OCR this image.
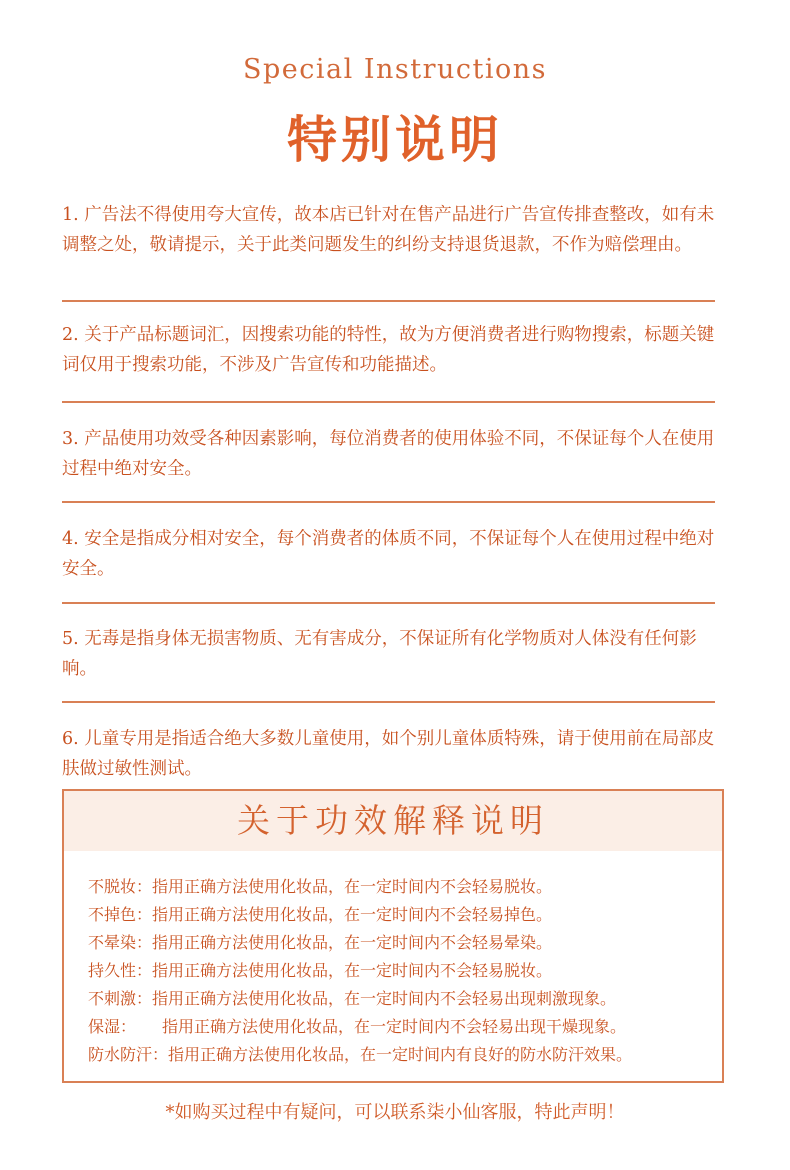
Special Instructions
特别说明
1. 广告法不得使用夸大宣传，故本店已针对在售产品进行广告宣传排查整改，如有未调整之处，敬请提示，关于此类问题发生的纠纷支持退货退款，不作为赔偿理由。
2. 关于产品标题词汇，因搜索功能的特性，故为方便消费者进行购物搜索，标题关键词仅用于搜索功能，不涉及广告宣传和功能描述。
3. 产品使用功效受各种因素影响，每位消费者的使用体验不同，不保证每个人在使用过程中绝对安全。
4. 安全是指成分相对安全，每个消费者的体质不同，不保证每个人在使用过程中绝对安全。
5. 无毒是指身体无损害物质、无有害成分，不保证所有化学物质对人体没有任何影响。
6. 儿童专用是指适合绝大多数儿童使用，如个别儿童体质特殊，请于使用前在局部皮肤做过敏性测试。
关于功效解释说明
不脱妆：指用正确方法使用化妆品，在一定时间内不会轻易脱妆。
不掉色：指用正确方法使用化妆品，在一定时间内不会轻易掉色。
不晕染：指用正确方法使用化妆品，在一定时间内不会轻易晕染。
持久性：指用正确方法使用化妆品，在一定时间内不会轻易脱妆。
不刺激：指用正确方法使用化妆品，在一定时间内不会轻易出现刺激现象。
保湿： 指用正确方法使用化妆品，在一定时间内不会轻易出现干燥现象。
防水防汗：指用正确方法使用化妆品，在一定时间内有良好的防水防汗效果。
*如购买过程中有疑问，可以联系柒小仙客服，特此声明！
